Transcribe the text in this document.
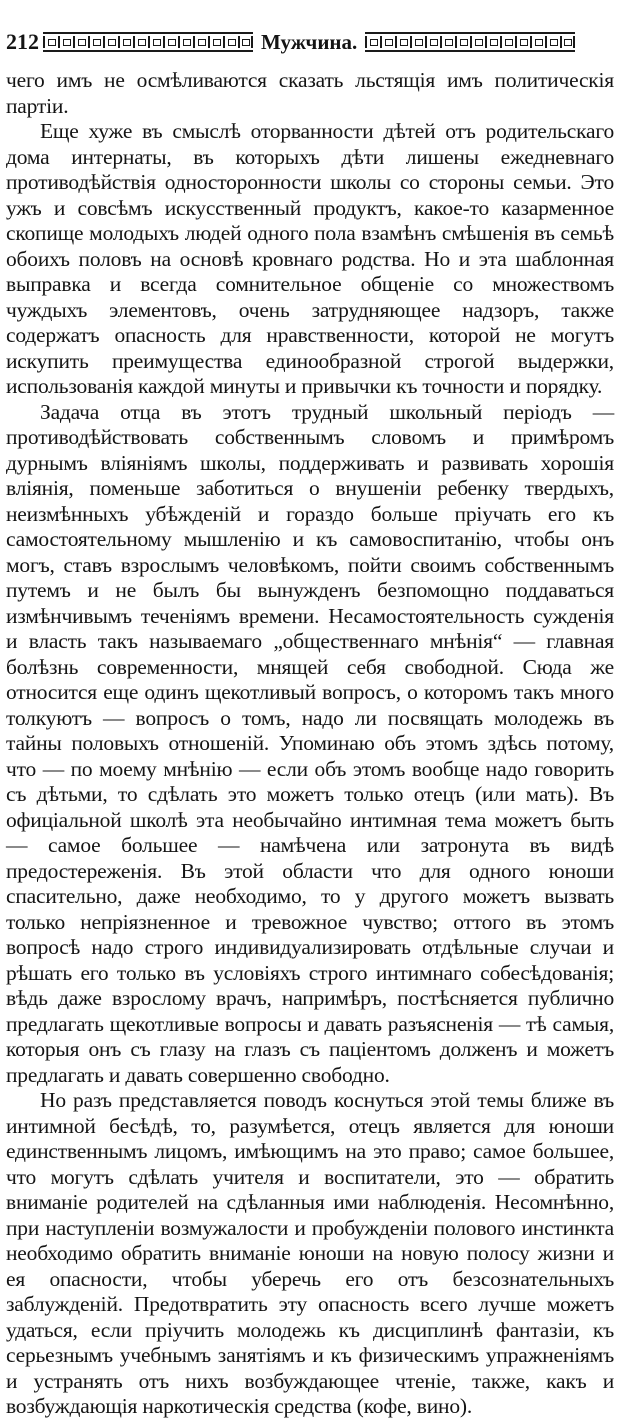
212	Мужчина.

чего имъ не осмѣливаются сказать льстящія имъ политическія партіи.

Еще хуже въ смыслѣ оторванности дѣтей отъ родительскаго дома интернаты, въ которыхъ дѣти лишены ежедневнаго противодѣйствія односторонности школы со стороны семьи. Это ужъ и совсѣмъ искусственный продуктъ, какое-то казарменное скопище молодыхъ людей одного пола взамѣнъ смѣшенія въ семьѣ обоихъ половъ на основѣ кровнаго родства. Но и эта шаблонная выправка и всегда сомнительное общеніе со множествомъ чуждыхъ элементовъ, очень затрудняющее надзоръ, также содержатъ опасность для нравственности, которой не могутъ искупить преимущества единообразной строгой выдержки, использованія каждой минуты и привычки къ точности и порядку.

Задача отца въ этотъ трудный школьный періодъ — противодѣйствовать собственнымъ словомъ и примѣромъ дурнымъ вліяніямъ школы, поддерживать и развивать хорошія вліянія, поменьше заботиться о внушеніи ребенку твердыхъ, неизмѣнныхъ убѣжденій и гораздо больше пріучать его къ самостоятельному мышленію и къ самовоспитанію, чтобы онъ могъ, ставъ взрослымъ человѣкомъ, пойти своимъ собственнымъ путемъ и не былъ бы вынужденъ безпомощно поддаваться измѣнчивымъ теченіямъ времени. Несамостоятельность сужденія и власть такъ называемаго „общественнаго мнѣнія“ — главная болѣзнь современности, мнящей себя свободной. Сюда же относится еще одинъ щекотливый вопросъ, о которомъ такъ много толкуютъ — вопросъ о томъ, надо ли посвящать молодежь въ тайны половыхъ отношеній. Упоминаю объ этомъ здѣсь потому, что — по моему мнѣнію — если объ этомъ вообще надо говорить съ дѣтьми, то сдѣлать это можетъ только отецъ (или мать). Въ офиціальной школѣ эта необычайно интимная тема можетъ быть — самое большее — намѣчена или затронута въ видѣ предостереженія. Въ этой области что для одного юноши спасительно, даже необходимо, то у другого можетъ вызвать только непріязненное и тревожное чувство; оттого въ этомъ вопросѣ надо строго индивидуализировать отдѣльные случаи и рѣшать его только въ условіяхъ строго интимнаго собесѣдованія; вѣдь даже взрослому врачъ, напримѣръ, постѣсняется публично предлагать щекотливые вопросы и давать разъясненія — тѣ самыя, которыя онъ съ глазу на глазъ съ паціентомъ долженъ и можетъ предлагать и давать совершенно свободно.

Но разъ представляется поводъ коснуться этой темы ближе въ интимной бесѣдѣ, то, разумѣется, отецъ является для юноши единственнымъ лицомъ, имѣющимъ на это право; самое большее, что могутъ сдѣлать учителя и воспитатели, это — обратить вниманіе родителей на сдѣланныя ими наблюденія. Несомнѣнно, при наступленіи возмужалости и пробужденіи полового инстинкта необходимо обратить вниманіе юноши на новую полосу жизни и ея опасности, чтобы уберечь его отъ безсознательныхъ заблужденій. Предотвратить эту опасность всего лучше можетъ удаться, если пріучить молодежь къ дисциплинѣ фантазіи, къ серьезнымъ учебнымъ занятіямъ и къ физическимъ упражненіямъ и устранять отъ нихъ возбуждающее чтеніе, также, какъ и возбуждающія наркотическія средства (кофе, вино).
